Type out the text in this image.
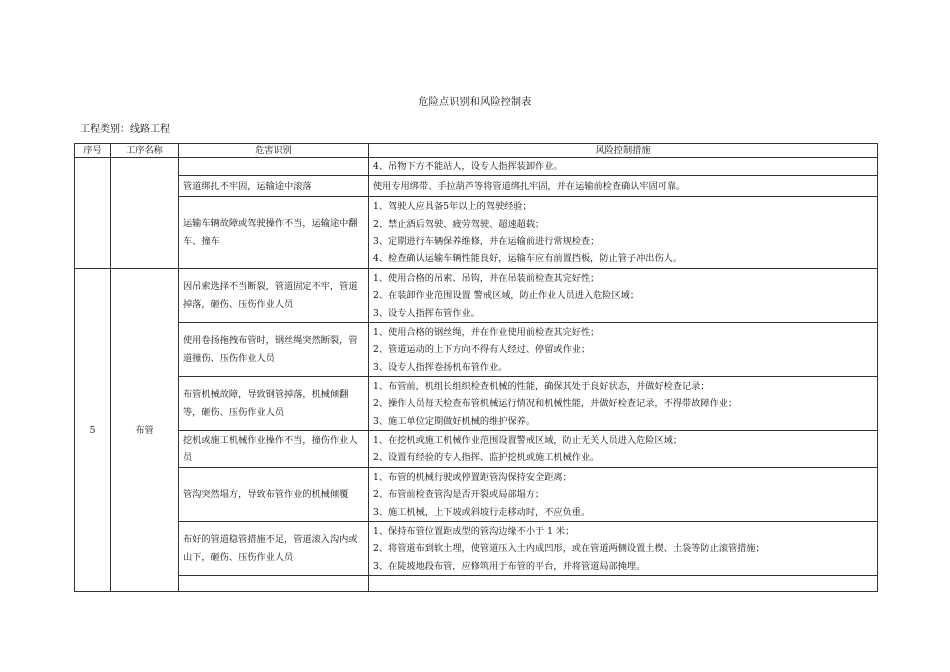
危险点识别和风险控制表
工程类别：线路工程
序号	工序名称	危害识别	风险控制措施

			4、吊物下方不能站人，设专人指挥装卸作业。

		管道绑扎不牢固，运输途中滚落	使用专用绑带、手拉葫芦等将管道绑扎牢固，并在运输前检查确认牢固可靠。

		运输车辆故障或驾驶操作不当，运输途中翻车、撞车	1、驾驶人应具备5年以上的驾驶经验；
2、禁止酒后驾驶、疲劳驾驶、超速超载；
3、定期进行车辆保养维修，并在运输前进行常规检查；
4、检查确认运输车辆性能良好，运输车应有前置挡板，防止管子冲出伤人。

5	布管	因吊索选择不当断裂，管道固定不牢，管道掉落，砸伤、压伤作业人员	1、使用合格的吊索、吊钩，并在吊装前检查其完好性；
2、在装卸作业范围设置 警戒区域，防止作业人员进入危险区域；
3、设专人指挥布管作业。

		使用卷扬拖拽布管时，钢丝绳突然断裂，管道撞伤、压伤作业人员	1、使用合格的钢丝绳，并在作业使用前检查其完好性；
2、管道运动的上下方向不得有人经过、停留或作业；
3、设专人指挥卷扬机布管作业。

		布管机械故障，导致钢管掉落，机械倾翻等，砸伤、压伤作业人员	1、布管前，机组长组织检查机械的性能，确保其处于良好状态，并做好检查记录；
2、操作人员每天检查布管机械运行情况和机械性能，并做好检查记录，不得带故障作业；
3、施工单位定期做好机械的维护保养。

		挖机或施工机械作业操作不当，撞伤作业人员	1、在挖机或施工机械作业范围设置警戒区域，防止无关人员进入危险区域；
2、设置有经验的专人指挥、监护挖机或施工机械作业。

		管沟突然塌方，导致布管作业的机械倾覆	1、布管的机械行驶或停置距管沟保持安全距离；
2、布管前检查管沟是否开裂或局部塌方；
3、施工机械，上下坡或斜坡行走移动时，不应负重。

		布好的管道稳管措施不足，管道滚入沟内或山下，砸伤、压伤作业人员	1、保持布管位置距成型的管沟边缘不小于 1 米；
2、将管道布到软土埋，使管道压入土内成凹形，或在管道两侧设置土楔、土袋等防止滚管措施；
3、在陡坡地段布管，应修筑用于布管的平台，并将管道局部掩埋。
